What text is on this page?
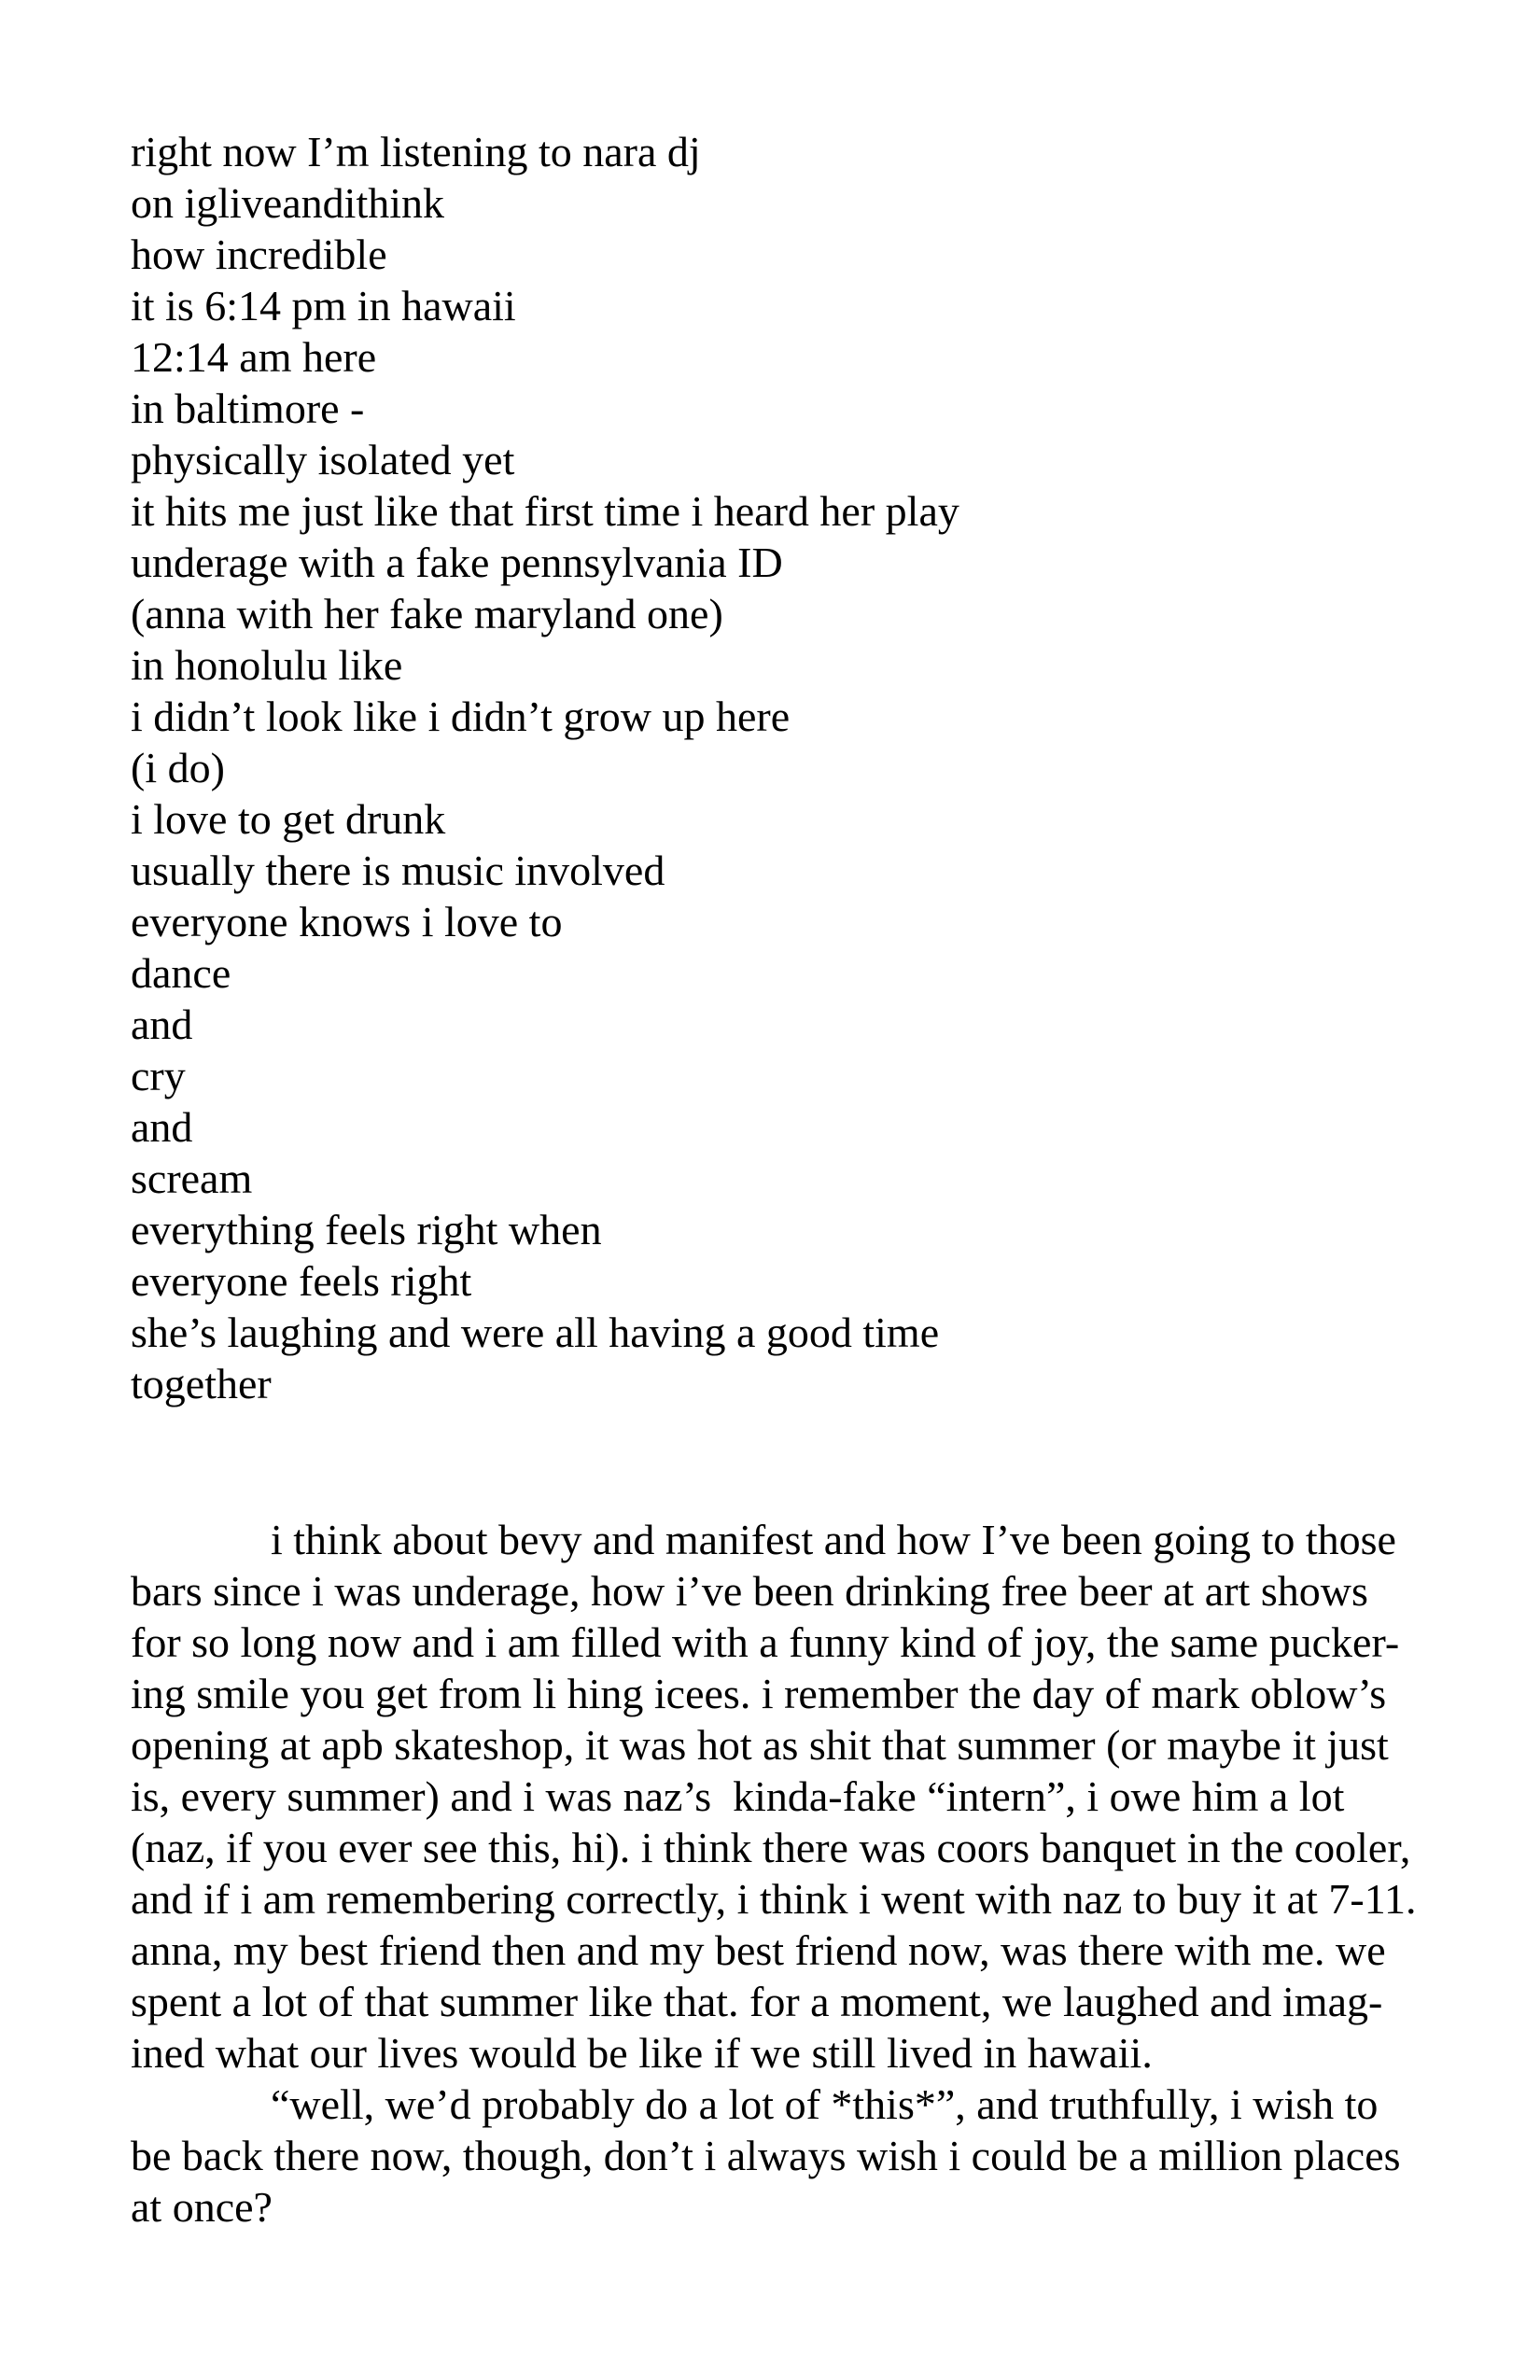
right now I’m listening to nara dj
on igliveandithink
how incredible
it is 6:14 pm in hawaii
12:14 am here
in baltimore -
physically isolated yet
it hits me just like that first time i heard her play
underage with a fake pennsylvania ID
(anna with her fake maryland one)
in honolulu like
i didn’t look like i didn’t grow up here
(i do)
i love to get drunk
usually there is music involved
everyone knows i love to
dance
and
cry
and
scream
everything feels right when
everyone feels right
she’s laughing and were all having a good time
together
i think about bevy and manifest and how I’ve been going to those
bars since i was underage, how i’ve been drinking free beer at art shows
for so long now and i am filled with a funny kind of joy, the same pucker-
ing smile you get from li hing icees. i remember the day of mark oblow’s
opening at apb skateshop, it was hot as shit that summer (or maybe it just
is, every summer) and i was naz’s  kinda-fake “intern”, i owe him a lot
(naz, if you ever see this, hi). i think there was coors banquet in the cooler,
and if i am remembering correctly, i think i went with naz to buy it at 7-11.
anna, my best friend then and my best friend now, was there with me. we
spent a lot of that summer like that. for a moment, we laughed and imag-
ined what our lives would be like if we still lived in hawaii.
“well, we’d probably do a lot of *this*”, and truthfully, i wish to
be back there now, though, don’t i always wish i could be a million places
at once?
